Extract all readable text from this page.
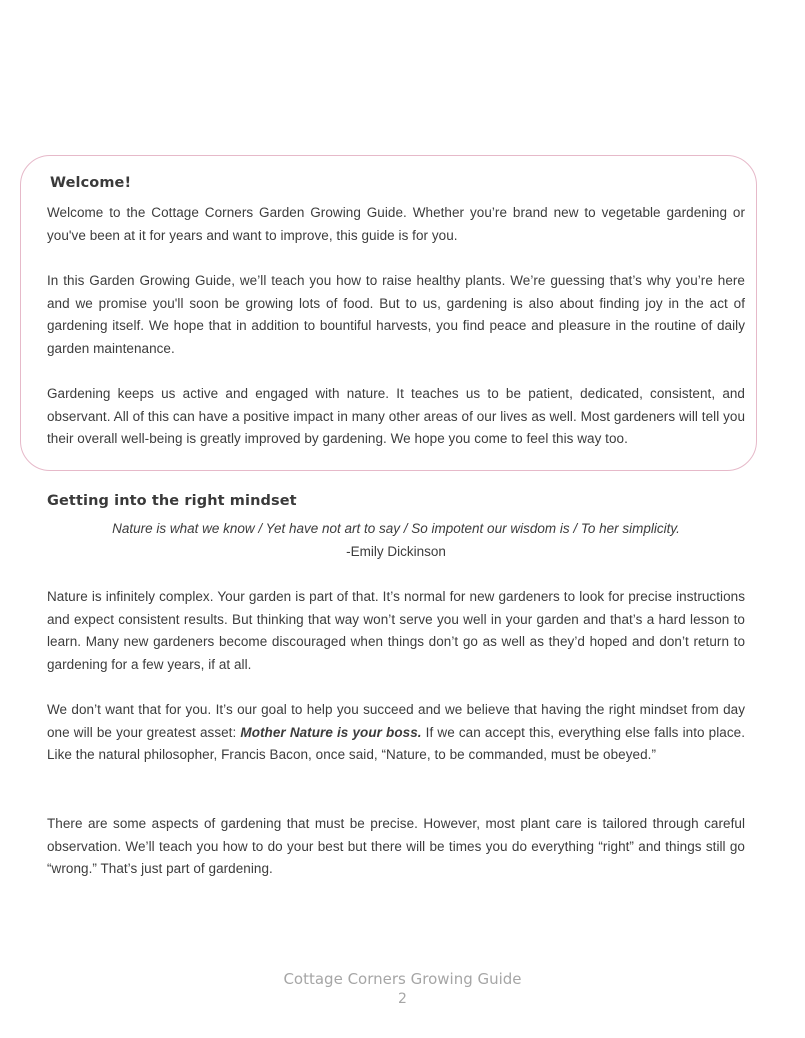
Welcome!

Welcome to the Cottage Corners Garden Growing Guide. Whether you’re brand new to vegetable gardening or you've been at it for years and want to improve, this guide is for you.

In this Garden Growing Guide, we’ll teach you how to raise healthy plants. We’re guessing that’s why you’re here and we promise you'll soon be growing lots of food. But to us, gardening is also about finding joy in the act of gardening itself. We hope that in addition to bountiful harvests, you find peace and pleasure in the routine of daily garden maintenance.

Gardening keeps us active and engaged with nature. It teaches us to be patient, dedicated, consistent, and observant. All of this can have a positive impact in many other areas of our lives as well. Most gardeners will tell you their overall well-being is greatly improved by gardening. We hope you come to feel this way too.

Getting into the right mindset

Nature is what we know / Yet have not art to say / So impotent our wisdom is / To her simplicity.

-Emily Dickinson

Nature is infinitely complex. Your garden is part of that. It’s normal for new gardeners to look for precise instructions and expect consistent results. But thinking that way won’t serve you well in your garden and that’s a hard lesson to learn. Many new gardeners become discouraged when things don’t go as well as they’d hoped and don’t return to gardening for a few years, if at all.

We don’t want that for you. It’s our goal to help you succeed and we believe that having the right mindset from day one will be your greatest asset: Mother Nature is your boss. If we can accept this, everything else falls into place. Like the natural philosopher, Francis Bacon, once said, “Nature, to be commanded, must be obeyed.”

There are some aspects of gardening that must be precise. However, most plant care is tailored through careful observation. We’ll teach you how to do your best but there will be times you do everything “right” and things still go “wrong.” That’s just part of gardening.

Cottage Corners Growing Guide

2
